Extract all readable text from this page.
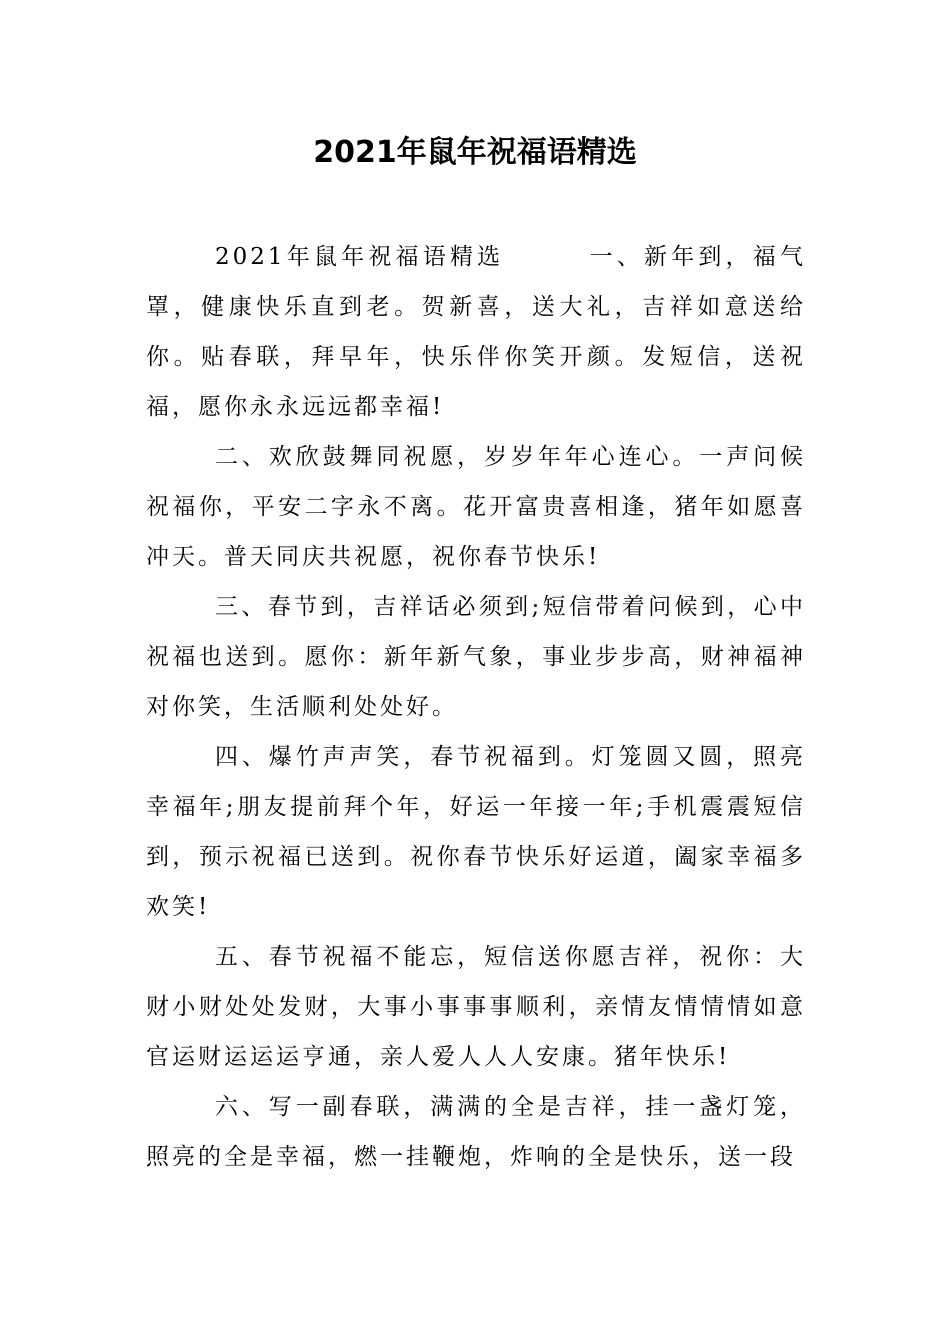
2021年鼠年祝福语精选

2021年鼠年祝福语精选	一、新年到，福气罩，健康快乐直到老。贺新喜，送大礼，吉祥如意送给你。贴春联，拜早年，快乐伴你笑开颜。发短信，送祝福，愿你永永远远都幸福!

二、欢欣鼓舞同祝愿，岁岁年年心连心。一声问候祝福你，平安二字永不离。花开富贵喜相逢，猪年如愿喜冲天。普天同庆共祝愿，祝你春节快乐!

三、春节到，吉祥话必须到;短信带着问候到，心中祝福也送到。愿你：新年新气象，事业步步高，财神福神对你笑，生活顺利处处好。

四、爆竹声声笑，春节祝福到。灯笼圆又圆，照亮幸福年;朋友提前拜个年，好运一年接一年;手机震震短信到，预示祝福已送到。祝你春节快乐好运道，阖家幸福多欢笑!

五、春节祝福不能忘，短信送你愿吉祥，祝你：大财小财处处发财，大事小事事事顺利，亲情友情情情如意官运财运运运亨通，亲人爱人人人安康。猪年快乐!

六、写一副春联，满满的全是吉祥，挂一盏灯笼，照亮的全是幸福，燃一挂鞭炮，炸响的全是快乐，送一段
